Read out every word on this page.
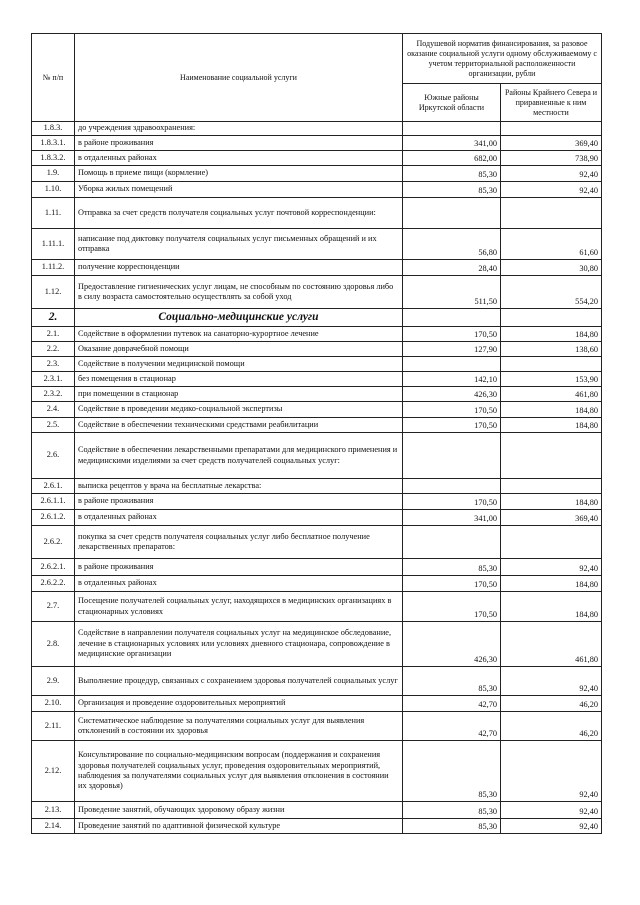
№ п/п	Наименование социальной услуги	Подушевой норматив финансирования, за разовое оказание социальной услуги одному обслуживаемому с учетом территориальной расположенности организации, рубли	
		Южные районы Иркутской области	Районы Крайнего Севера и приравненные к ним местности
1.8.3.	до учреждения здравоохранения:		
1.8.3.1.	в районе проживания	341,00	369,40
1.8.3.2.	в отдаленных районах	682,00	738,90
1.9.	Помощь в приеме пищи (кормление)	85,30	92,40
1.10.	Уборка жилых помещений	85,30	92,40
1.11.	Отправка за счет средств получателя социальных услуг почтовой корреспонденции:		
1.11.1.	написание под диктовку получателя социальных услуг письменных обращений и их отправка	56,80	61,60
1.11.2.	получение корреспонденции	28,40	30,80
1.12.	Предоставление гигиенических услуг лицам, не способным по состоянию здоровья либо в силу возраста самостоятельно осуществлять за собой уход	511,50	554,20
2.	Социально-медицинские услуги		
2.1.	Содействие в оформлении путевок на санаторно-курортное лечение	170,50	184,80
2.2.	Оказание доврачебной помощи	127,90	138,60
2.3.	Содействие в получении медицинской помощи		
2.3.1.	без помещения в стационар	142,10	153,90
2.3.2.	при помещении в стационар	426,30	461,80
2.4.	Содействие в проведении медико-социальной экспертизы	170,50	184,80
2.5.	Содействие в обеспечении техническими средствами реабилитации	170,50	184,80
2.6.	Содействие в обеспечении лекарственными препаратами для медицинского применения и медицинскими изделиями за счет средств получателей социальных услуг:		
2.6.1.	выписка рецептов у врача на бесплатные лекарства:		
2.6.1.1.	в районе проживания	170,50	184,80
2.6.1.2.	в отдаленных районах	341,00	369,40
2.6.2.	покупка за счет средств получателя социальных услуг либо бесплатное получение лекарственных препаратов:		
2.6.2.1.	в районе проживания	85,30	92,40
2.6.2.2.	в отдаленных районах	170,50	184,80
2.7.	Посещение получателей социальных услуг, находящихся в медицинских организациях в стационарных условиях	170,50	184,80
2.8.	Содействие в направлении получателя социальных услуг на медицинское обследование, лечение в стационарных условиях или условиях дневного стационара, сопровождение в медицинские организации	426,30	461,80
2.9.	Выполнение процедур, связанных с сохранением здоровья получателей социальных услуг	85,30	92,40
2.10.	Организация и проведение оздоровительных мероприятий	42,70	46,20
2.11.	Систематическое наблюдение за получателями социальных услуг для выявления отклонений в состоянии их здоровья	42,70	46,20
2.12.	Консультирование по социально-медицинским вопросам (поддержания и сохранения здоровья получателей социальных услуг, проведения оздоровительных мероприятий, наблюдения за получателями социальных услуг для выявления отклонения в состоянии их здоровья)	85,30	92,40
2.13.	Проведение занятий, обучающих здоровому образу жизни	85,30	92,40
2.14.	Проведение занятий по адаптивной физической культуре	85,30	92,40
